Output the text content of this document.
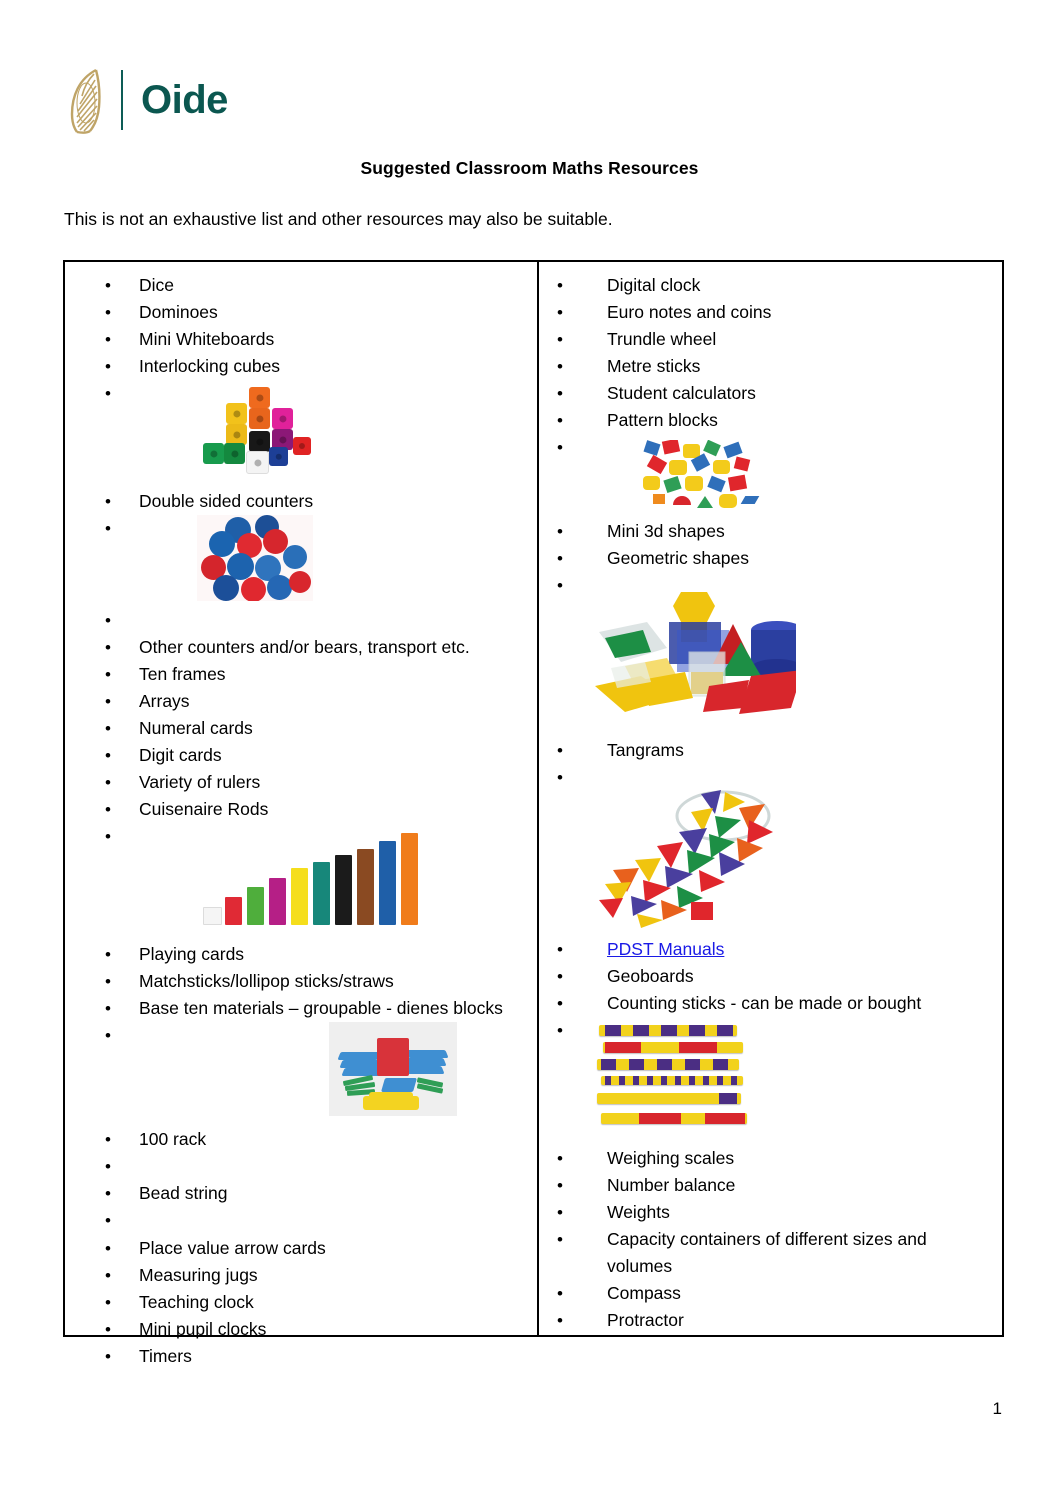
Oide
Suggested Classroom Maths Resources
This is not an exhaustive list and other resources may also be suitable.
• Dice
• Dominoes
• Mini Whiteboards
• Interlocking cubes
•
• Double sided counters
•
•
• Other counters and/or bears, transport etc.
• Ten frames
• Arrays
• Numeral cards
• Digit cards
• Variety of rulers
• Cuisenaire Rods
•
• Playing cards
• Matchsticks/lollipop sticks/straws
• Base ten materials – groupable - dienes blocks
•
• 100 rack
•
• Bead string
•
• Place value arrow cards
• Measuring jugs
• Teaching clock
• Mini pupil clocks
• Timers
• Digital clock
• Euro notes and coins
• Trundle wheel
• Metre sticks
• Student calculators
• Pattern blocks
•
• Mini 3d shapes
• Geometric shapes
•
• Tangrams
•
• PDST Manuals
• Geoboards
• Counting sticks - can be made or bought
•
• Weighing scales
• Number balance
• Weights
• Capacity containers of different sizes and volumes
• Compass
• Protractor
1
